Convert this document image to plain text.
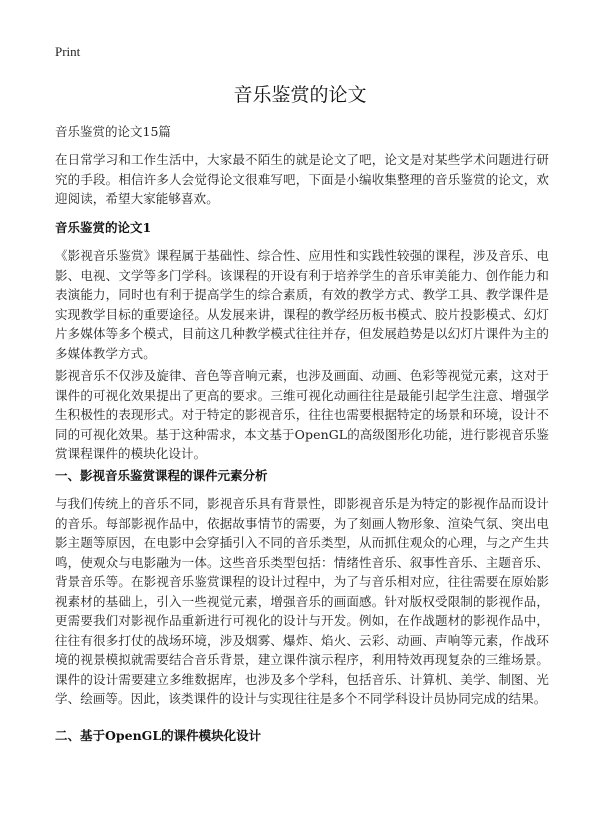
Print
音乐鉴赏的论文
音乐鉴赏的论文15篇

在日常学习和工作生活中，大家最不陌生的就是论文了吧，论文是对某些学术问题进行研究的手段。相信许多人会觉得论文很难写吧，下面是小编收集整理的音乐鉴赏的论文，欢迎阅读，希望大家能够喜欢。

音乐鉴赏的论文1

《影视音乐鉴赏》课程属于基础性、综合性、应用性和实践性较强的课程，涉及音乐、电影、电视、文学等多门学科。该课程的开设有利于培养学生的音乐审美能力、创作能力和表演能力，同时也有利于提高学生的综合素质，有效的教学方式、教学工具、教学课件是实现教学目标的重要途径。从发展来讲，课程的教学经历板书模式、胶片投影模式、幻灯片多媒体等多个模式，目前这几种教学模式往往并存，但发展趋势是以幻灯片课件为主的多媒体教学方式。

影视音乐不仅涉及旋律、音色等音响元素，也涉及画面、动画、色彩等视觉元素，这对于课件的可视化效果提出了更高的要求。三维可视化动画往往是最能引起学生注意、增强学生积极性的表现形式。对于特定的影视音乐，往往也需要根据特定的场景和环境，设计不同的可视化效果。基于这种需求，本文基于OpenGL的高级图形化功能，进行影视音乐鉴赏课程课件的模块化设计。

一、影视音乐鉴赏课程的课件元素分析

与我们传统上的音乐不同，影视音乐具有背景性，即影视音乐是为特定的影视作品而设计的音乐。每部影视作品中，依据故事情节的需要，为了刻画人物形象、渲染气氛、突出电影主题等原因，在电影中会穿插引入不同的音乐类型，从而抓住观众的心理，与之产生共鸣，使观众与电影融为一体。这些音乐类型包括：情绪性音乐、叙事性音乐、主题音乐、背景音乐等。在影视音乐鉴赏课程的设计过程中，为了与音乐相对应，往往需要在原始影视素材的基础上，引入一些视觉元素，增强音乐的画面感。针对版权受限制的影视作品，更需要我们对影视作品重新进行可视化的设计与开发。例如，在作战题材的影视作品中，往往有很多打仗的战场环境，涉及烟雾、爆炸、焰火、云彩、动画、声响等元素，作战环境的视景模拟就需要结合音乐背景，建立课件演示程序，利用特效再现复杂的三维场景。课件的设计需要建立多维数据库，也涉及多个学科，包括音乐、计算机、美学、制图、光学、绘画等。因此，该类课件的设计与实现往往是多个不同学科设计员协同完成的结果。

二、基于OpenGL的课件模块化设计
